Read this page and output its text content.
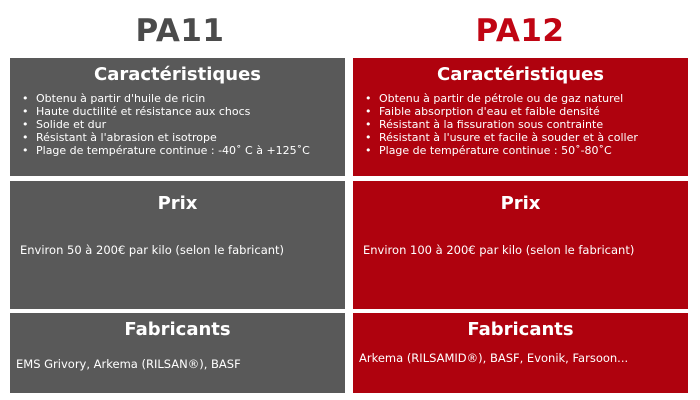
PA11	PA12
Caractéristiques
• Obtenu à partir d'huile de ricin
• Haute ductilité et résistance aux chocs
• Solide et dur
• Résistant à l'abrasion et isotrope
• Plage de température continue : -40˚ C à +125˚C
Prix
Environ 50 à 200€ par kilo (selon le fabricant)
Fabricants
EMS Grivory, Arkema (RILSAN®), BASF
Caractéristiques
• Obtenu à partir de pétrole ou de gaz naturel
• Faible absorption d'eau et faible densité
• Résistant à la fissuration sous contrainte
• Résistant à l'usure et facile à souder et à coller
• Plage de température continue : 50˚-80˚C
Prix
Environ 100 à 200€ par kilo (selon le fabricant)
Fabricants
Arkema (RILSAMID®), BASF, Evonik, Farsoon...
